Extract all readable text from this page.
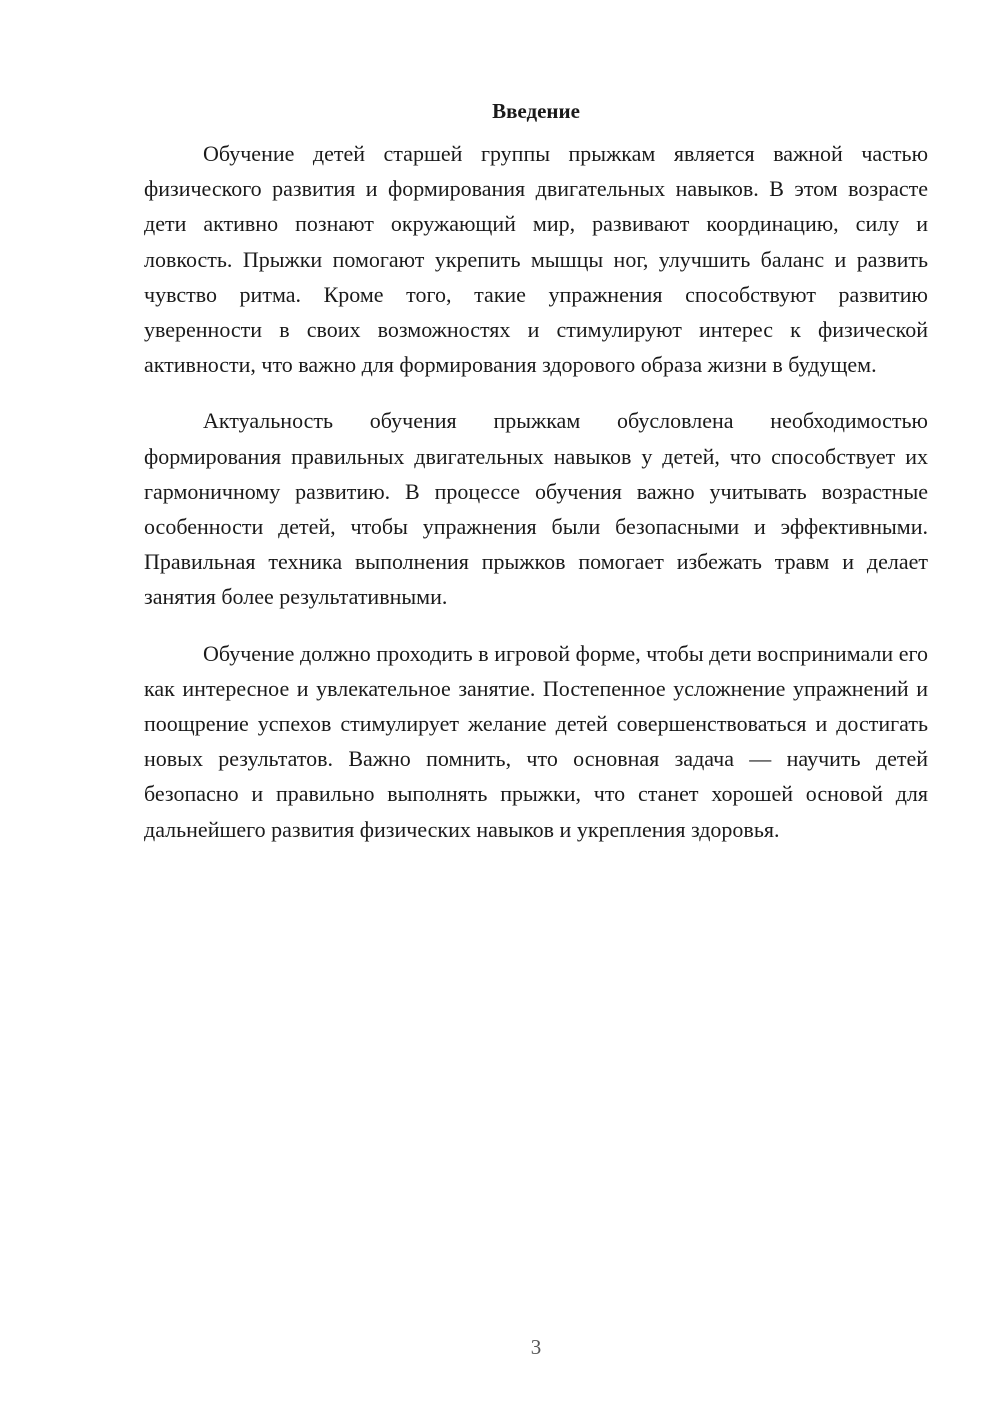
Введение

Обучение детей старшей группы прыжкам является важной частью физического развития и формирования двигательных навыков. В этом возрасте дети активно познают окружающий мир, развивают координацию, силу и ловкость. Прыжки помогают укрепить мышцы ног, улучшить баланс и развить чувство ритма. Кроме того, такие упражнения способствуют развитию уверенности в своих возможностях и стимулируют интерес к физической активности, что важно для формирования здорового образа жизни в будущем.

Актуальность обучения прыжкам обусловлена необходимостью формирования правильных двигательных навыков у детей, что способствует их гармоничному развитию. В процессе обучения важно учитывать возрастные особенности детей, чтобы упражнения были безопасными и эффективными. Правильная техника выполнения прыжков помогает избежать травм и делает занятия более результативными.

Обучение должно проходить в игровой форме, чтобы дети воспринимали его как интересное и увлекательное занятие. Постепенное усложнение упражнений и поощрение успехов стимулирует желание детей совершенствоваться и достигать новых результатов. Важно помнить, что основная задача — научить детей безопасно и правильно выполнять прыжки, что станет хорошей основой для дальнейшего развития физических навыков и укрепления здоровья.

3
